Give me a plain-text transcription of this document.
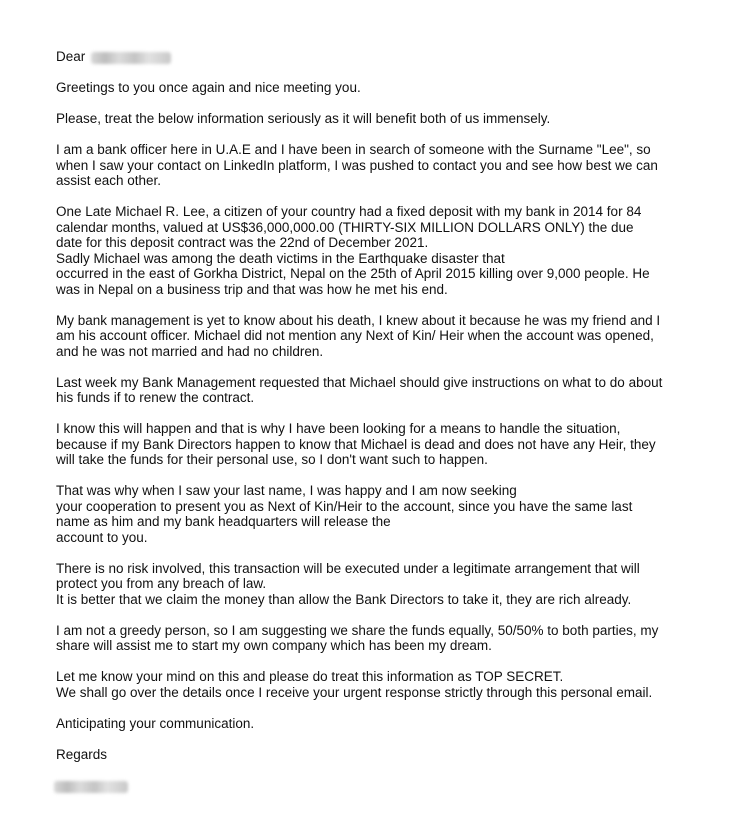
Dear
Greetings to you once again and nice meeting you.
Please, treat the below information seriously as it will benefit both of us immensely.
I am a bank officer here in U.A.E and I have been in search of someone with the Surname "Lee", so
when I saw your contact on LinkedIn platform, I was pushed to contact you and see how best we can
assist each other.
One Late Michael R. Lee, a citizen of your country had a fixed deposit with my bank in 2014 for 84
calendar months, valued at US$36,000,000.00 (THIRTY-SIX MILLION DOLLARS ONLY) the due
date for this deposit contract was the 22nd of December 2021.
Sadly Michael was among the death victims in the Earthquake disaster that
occurred in the east of Gorkha District, Nepal on the 25th of April 2015 killing over 9,000 people. He
was in Nepal on a business trip and that was how he met his end.
My bank management is yet to know about his death, I knew about it because he was my friend and I
am his account officer. Michael did not mention any Next of Kin/ Heir when the account was opened,
and he was not married and had no children.
Last week my Bank Management requested that Michael should give instructions on what to do about
his funds if to renew the contract.
I know this will happen and that is why I have been looking for a means to handle the situation,
because if my Bank Directors happen to know that Michael is dead and does not have any Heir, they
will take the funds for their personal use, so I don't want such to happen.
That was why when I saw your last name, I was happy and I am now seeking
your cooperation to present you as Next of Kin/Heir to the account, since you have the same last
name as him and my bank headquarters will release the
account to you.
There is no risk involved, this transaction will be executed under a legitimate arrangement that will
protect you from any breach of law.
It is better that we claim the money than allow the Bank Directors to take it, they are rich already.
I am not a greedy person, so I am suggesting we share the funds equally, 50/50% to both parties, my
share will assist me to start my own company which has been my dream.
Let me know your mind on this and please do treat this information as TOP SECRET.
We shall go over the details once I receive your urgent response strictly through this personal email.
Anticipating your communication.
Regards
